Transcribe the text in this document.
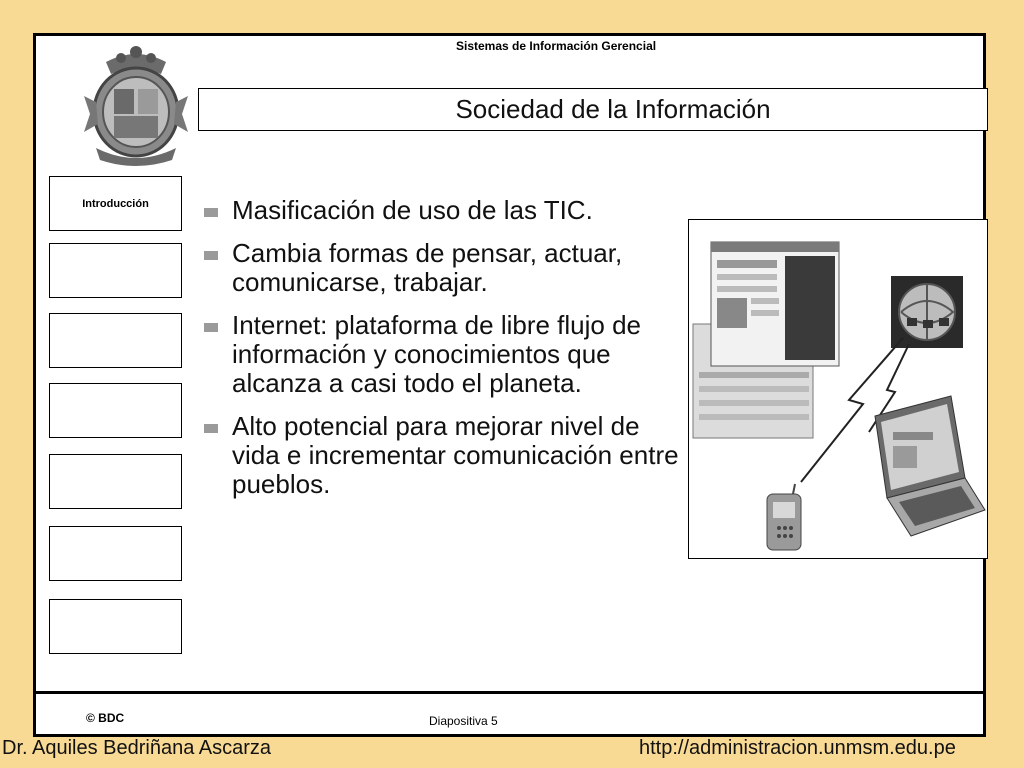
Sistemas de Información Gerencial
Sociedad de la Información
Introducción	Masificación de uso de las TIC.
Cambia formas de pensar, actuar, comunicarse, trabajar.
Internet: plataforma de libre flujo de información y conocimientos que alcanza a casi todo el planeta.
Alto potencial para mejorar nivel de vida e incrementar comunicación entre pueblos.
© BDC	Diapositiva 5
Dr. Aquiles Bedriñana Ascarza	http://administracion.unmsm.edu.pe
